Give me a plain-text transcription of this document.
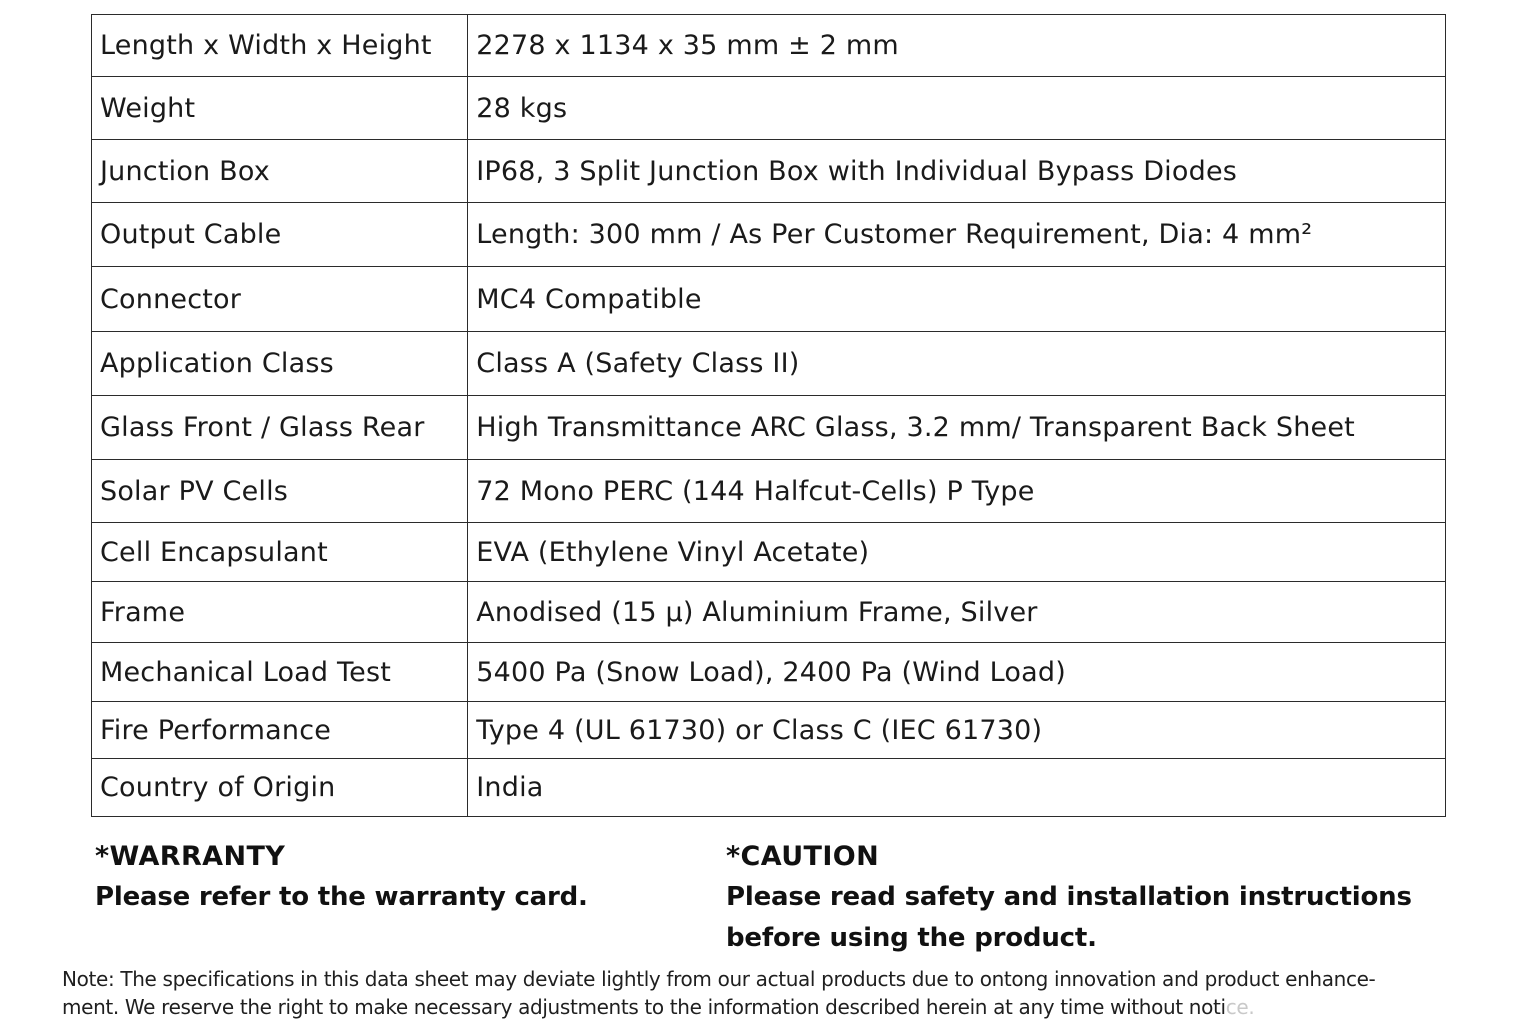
Length x Width x Height	2278 x 1134 x 35 mm ± 2 mm
Weight	28 kgs
Junction Box	IP68, 3 Split Junction Box with Individual Bypass Diodes
Output Cable	Length: 300 mm / As Per Customer Requirement, Dia: 4 mm²
Connector	MC4 Compatible
Application Class	Class A (Safety Class II)
Glass Front / Glass Rear	High Transmittance ARC Glass, 3.2 mm/ Transparent Back Sheet
Solar PV Cells	72 Mono PERC (144 Halfcut-Cells) P Type
Cell Encapsulant	EVA (Ethylene Vinyl Acetate)
Frame	Anodised (15 μ) Aluminium Frame, Silver
Mechanical Load Test	5400 Pa (Snow Load), 2400 Pa (Wind Load)
Fire Performance	Type 4 (UL 61730) or Class C (IEC 61730)
Country of Origin	India
*WARRANTY
Please refer to the warranty card.
*CAUTION
Please read safety and installation instructions
before using the product.
Note: The specifications in this data sheet may deviate lightly from our actual products due to ontong innovation and product enhance-
ment. We reserve the right to make necessary adjustments to the information described herein at any time without notice.
